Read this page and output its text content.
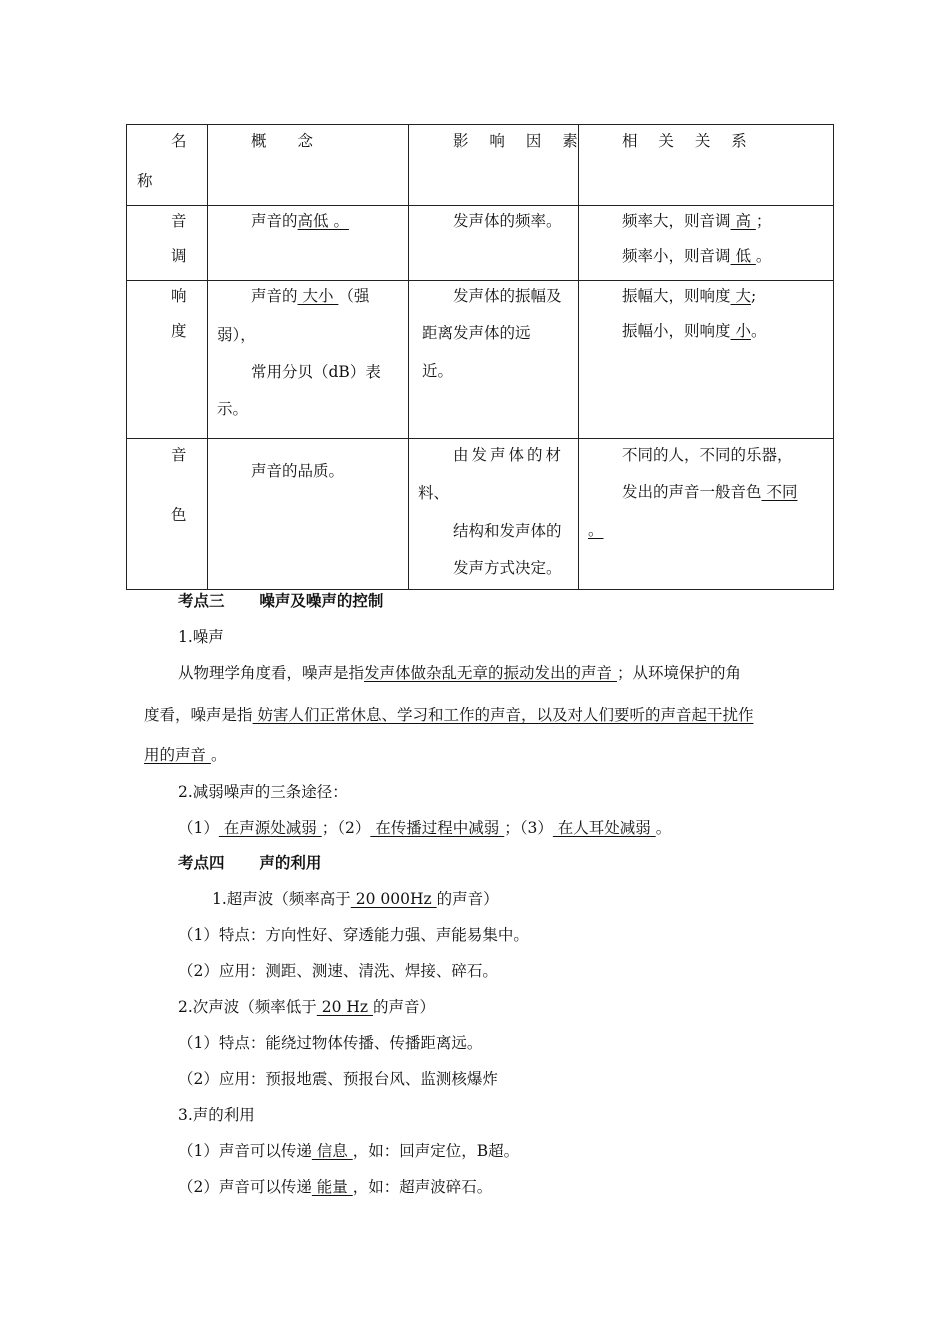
名
称	概　　念	影 响 因 素	相 关 关 系

音
调	声音的高低 。	发声体的频率。	频率大，则音调 高 ；
频率小，则音调 低 。

响
度	声音的 大小 （强
弱），
常用分贝（dB）表
示。	发声体的振幅及
距离发声体的远
近。	振幅大，则响度 大;
振幅小，则响度 小。

音
色	声音的品质。	由发声体的材
料、
结构和发声体的
发声方式决定。	不同的人，不同的乐器，
发出的声音一般音色 不同
。
考点三 噪声及噪声的控制
1.噪声
从物理学角度看，噪声是指发声体做杂乱无章的振动发出的声音 ；从环境保护的角
度看，噪声是指 妨害人们正常休息、学习和工作的声音，以及对人们要听的声音起干扰作
用的声音 。
2.减弱噪声的三条途径：
（1） 在声源处减弱 ；（2） 在传播过程中减弱 ；（3） 在人耳处减弱 。
考点四 声的利用
1.超声波（频率高于 20 000Hz 的声音）
（1）特点：方向性好、穿透能力强、声能易集中。
（2）应用：测距、测速、清洗、焊接、碎石。
2.次声波（频率低于 20 Hz 的声音）
（1）特点：能绕过物体传播、传播距离远。
（2）应用：预报地震、预报台风、监测核爆炸
3.声的利用
（1）声音可以传递 信息 ，如：回声定位，B超。
（2）声音可以传递 能量 ，如：超声波碎石。
